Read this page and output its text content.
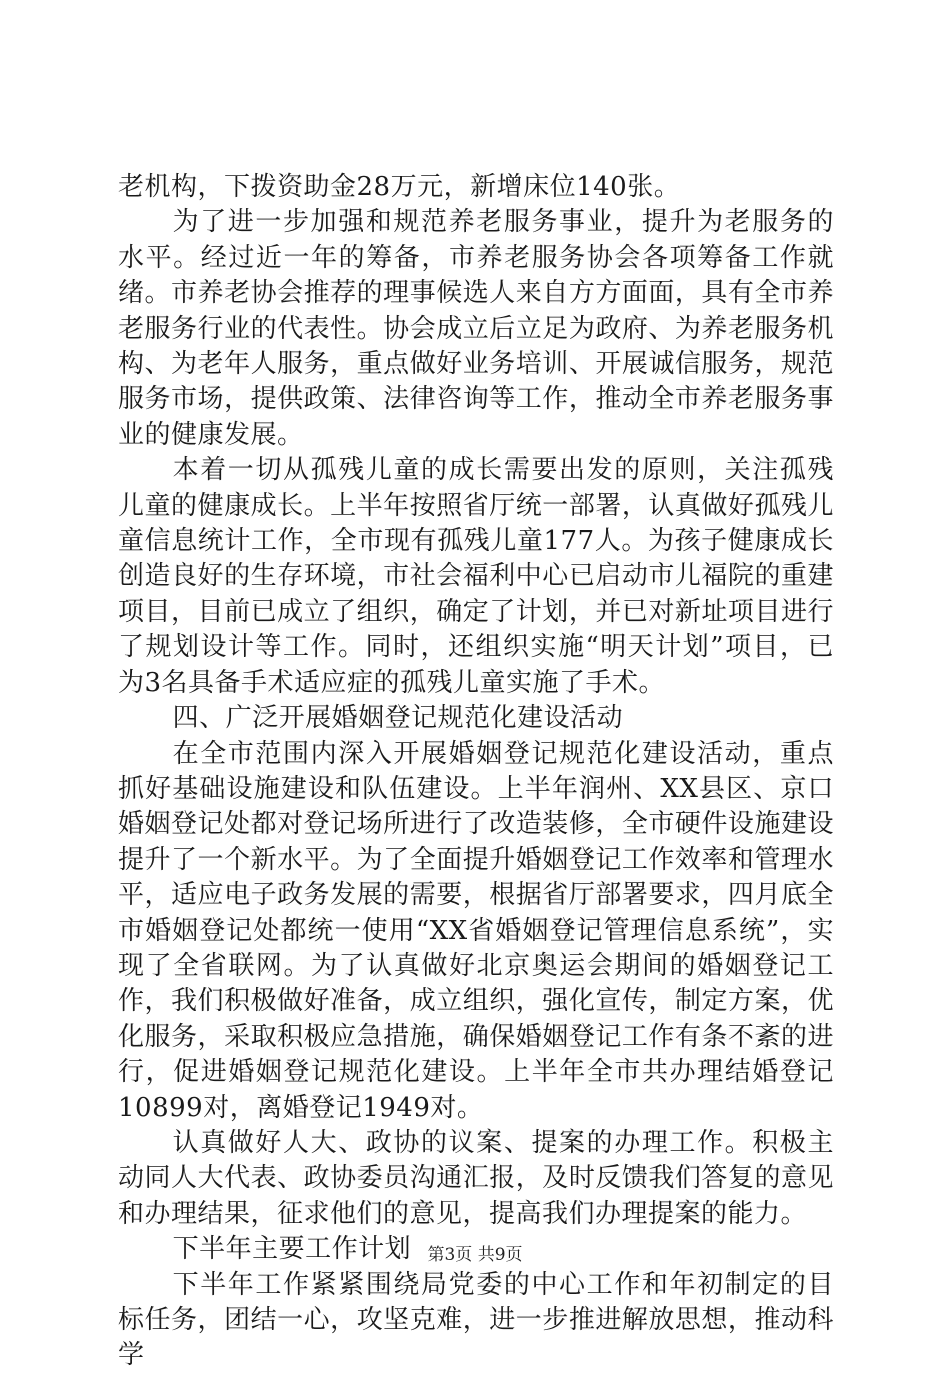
老机构，下拨资助金28万元，新增床位140张。

为了进一步加强和规范养老服务事业，提升为老服务的水平。经过近一年的筹备，市养老服务协会各项筹备工作就绪。市养老协会推荐的理事候选人来自方方面面，具有全市养老服务行业的代表性。协会成立后立足为政府、为养老服务机构、为老年人服务，重点做好业务培训、开展诚信服务，规范服务市场，提供政策、法律咨询等工作，推动全市养老服务事业的健康发展。

本着一切从孤残儿童的成长需要出发的原则，关注孤残儿童的健康成长。上半年按照省厅统一部署，认真做好孤残儿童信息统计工作，全市现有孤残儿童177人。为孩子健康成长创造良好的生存环境，市社会福利中心已启动市儿福院的重建项目，目前已成立了组织，确定了计划，并已对新址项目进行了规划设计等工作。同时，还组织实施“明天计划”项目，已为3名具备手术适应症的孤残儿童实施了手术。

四、广泛开展婚姻登记规范化建设活动

在全市范围内深入开展婚姻登记规范化建设活动，重点抓好基础设施建设和队伍建设。上半年润州、XX县区、京口婚姻登记处都对登记场所进行了改造装修，全市硬件设施建设提升了一个新水平。为了全面提升婚姻登记工作效率和管理水平，适应电子政务发展的需要，根据省厅部署要求，四月底全市婚姻登记处都统一使用“XX省婚姻登记管理信息系统”，实现了全省联网。为了认真做好北京奥运会期间的婚姻登记工作，我们积极做好准备，成立组织，强化宣传，制定方案，优化服务，采取积极应急措施，确保婚姻登记工作有条不紊的进行，促进婚姻登记规范化建设。上半年全市共办理结婚登记10899对，离婚登记1949对。

认真做好人大、政协的议案、提案的办理工作。积极主动同人大代表、政协委员沟通汇报，及时反馈我们答复的意见和办理结果，征求他们的意见，提高我们办理提案的能力。

下半年主要工作计划

下半年工作紧紧围绕局党委的中心工作和年初制定的目标任务，团结一心，攻坚克难，进一步推进解放思想，推动科学

第3页 共9页
